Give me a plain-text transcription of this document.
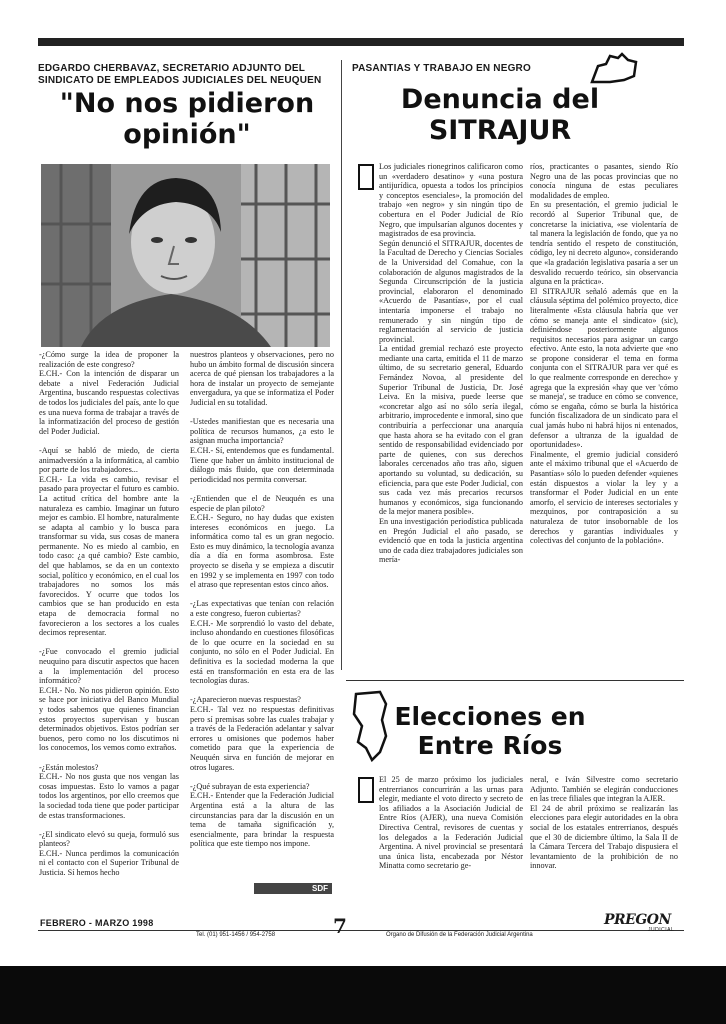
EDGARDO CHERBAVAZ, SECRETARIO ADJUNTO DEL SINDICATO DE EMPLEADOS JUDICIALES DEL NEUQUEN
"No nos pidieron opinión"
-¿Cómo surge la idea de proponer la realización de este congreso?
E.CH.- Con la intención de disparar un debate a nivel Federación Judicial Argentina, buscando respuestas colectivas de todos los judiciales del país, ante lo que es una nueva forma de trabajar a través de la informatización del proceso de gestión del Poder Judicial.

-Aquí se habló de miedo, de cierta animadversión a la informática, al cambio por parte de los trabajadores...
E.CH.- La vida es cambio, revisar el pasado para proyectar el futuro es cambio. La actitud crítica del hombre ante la naturaleza es cambio. Imaginar un futuro mejor es cambio. El hombre, naturalmente se adapta al cambio y lo busca para transformar su vida, sus cosas de manera permanente. No es miedo al cambio, en todo caso: ¿a qué cambio? Este cambio, del que hablamos, se da en un contexto social, político y económico, en el cual los trabajadores no somos los más favorecidos. Y ocurre que todos los cambios que se han producido en esta etapa de democracia formal no favorecieron a los sectores a los cuales decimos representar.

-¿Fue convocado el gremio judicial neuquino para discutir aspectos que hacen a la implementación del proceso informático?
E.CH.- No. No nos pidieron opinión. Esto se hace por iniciativa del Banco Mundial y todos sabemos que quienes financian estos proyectos supervisan y buscan determinados objetivos. Estos podrían ser buenos, pero como no los discutimos ni los conocemos, los vemos como extraños.

-¿Están molestos?
E.CH.- No nos gusta que nos vengan las cosas impuestas. Esto lo vamos a pagar todos los argentinos, por ello creemos que la sociedad toda tiene que poder participar de estas transformaciones.

-¿El sindicato elevó su queja, formuló sus planteos?
E.CH.- Nunca perdimos la comunicación ni el contacto con el Superior Tribunal de Justicia. Sí hemos hecho
nuestros planteos y observaciones, pero no hubo un ámbito formal de discusión sincera acerca de qué piensan los trabajadores a la hora de instalar un proyecto de semejante envergadura, ya que se informatiza el Poder Judicial en su totalidad.

-Ustedes manifiestan que es necesaria una política de recursos humanos, ¿a esto le asignan mucha importancia?
E.CH.- Sí, entendemos que es fundamental. Tiene que haber un ámbito institucional de diálogo más fluido, que con determinada periodicidad nos permita conversar.

-¿Entienden que el de Neuquén es una especie de plan piloto?
E.CH.- Seguro, no hay dudas que existen intereses económicos en juego. La informática como tal es un gran negocio. Esto es muy dinámico, la tecnología avanza día a día en forma asombrosa. Este proyecto se diseña y se empieza a discutir en 1992 y se implementa en 1997 con todo el atraso que representan estos cinco años.

-¿Las expectativas que tenían con relación a este congreso, fueron cubiertas?
E.CH.- Me sorprendió lo vasto del debate, incluso ahondando en cuestiones filosóficas de lo que ocurre en la sociedad en su conjunto, no sólo en el Poder Judicial. En definitiva es la sociedad moderna la que está en transformación en esta era de las tecnologías duras.

-¿Aparecieron nuevas respuestas?
E.CH.- Tal vez no respuestas definitivas pero sí premisas sobre las cuales trabajar y a través de la Federación adelantar y salvar errores u omisiones que podemos haber cometido para que la experiencia de Neuquén sirva en función de mejorar en otros lugares.

-¿Qué subrayan de esta experiencia?
E.CH.- Entender que la Federación Judicial Argentina está a la altura de las circunstancias para dar la discusión en un tema de tamaña significación y, esencialmente, para brindar la respuesta política que este tiempo nos impone.
SDF
PASANTIAS Y TRABAJO EN NEGRO
Denuncia del SITRAJUR
Los judiciales rionegrinos calificaron como un «verdadero desatino» y «una postura antijurídica, opuesta a todos los principios y conceptos esenciales», la promoción del trabajo «en negro» y sin ningún tipo de cobertura en el Poder Judicial de Río Negro, que impulsarían algunos docentes y magistrados de esa provincia.
Según denunció el SITRAJUR, docentes de la Facultad de Derecho y Ciencias Sociales de la Universidad del Comahue, con la colaboración de algunos magistrados de la Segunda Circunscripción de la justicia provincial, elaboraron el denominado «Acuerdo de Pasantías», por el cual intentaría imponerse el trabajo no remunerado y sin ningún tipo de reglamentación al servicio de justicia provincial.
La entidad gremial rechazó este proyecto mediante una carta, emitida el 11 de marzo último, de su secretario general, Eduardo Fernández Novoa, al presidente del Superior Tribunal de Justicia, Dr. José Leiva. En la misiva, puede leerse que «concretar algo así no sólo sería ilegal, arbitrario, improcedente e inmoral, sino que contribuiría a perfeccionar una anarquía que hasta ahora se ha evitado con el gran sentido de responsabilidad evidenciado por parte de quienes, con sus derechos laborales cercenados año tras año, siguen aportando su voluntad, su dedicación, su eficiencia, para que este Poder Judicial, con sus cada vez más precarios recursos humanos y económicos, siga funcionando de la mejor manera posible».
En una investigación periodística publicada en Pregón Judicial el año pasado, se evidenció que en toda la justicia argentina uno de cada diez trabajadores judiciales son mería-
ríos, practicantes o pasantes, siendo Río Negro una de las pocas provincias que no conocía ninguna de estas peculiares modalidades de empleo.
En su presentación, el gremio judicial le recordó al Superior Tribunal que, de concretarse la iniciativa, «se violentaría de tal manera la legislación de fondo, que ya no tendría sentido el respeto de constitución, código, ley ni decreto alguno», considerando que «la gradación legislativa pasaría a ser un desvalido recuerdo teórico, sin observancia alguna en la práctica».
El SITRAJUR señaló además que en la cláusula séptima del polémico proyecto, dice literalmente «Esta cláusula habría que ver cómo se maneja ante el sindicato» (sic), definiéndose posteriormente algunos requisitos necesarios para asignar un cargo efectivo. Ante esto, la nota advierte que «no se propone considerar el tema en forma conjunta con el SITRAJUR para ver qué es lo que realmente corresponde en derecho» y agrega que la expresión «hay que ver 'cómo se maneja', se traduce en cómo se convence, cómo se engaña, cómo se burla la histórica función fiscalizadora de un sindicato para el cual jamás hubo ni habrá hijos ni entenados, defensor a ultranza de la igualdad de oportunidades».
Finalmente, el gremio judicial consideró ante el máximo tribunal que el «Acuerdo de Pasantías» sólo lo pueden defender «quienes están dispuestos a violar la ley y a transformar el Poder Judicial en un ente amorfo, el servicio de intereses sectoriales y mezquinos, por contraposición a su naturaleza de tutor insobornable de los derechos y garantías individuales y colectivas del conjunto de la población».
Elecciones en Entre Ríos
El 25 de marzo próximo los judiciales entrerrianos concurrirán a las urnas para elegir, mediante el voto directo y secreto de los afiliados a la Asociación Judicial de Entre Ríos (AJER), una nueva Comisión Directiva Central, revisores de cuentas y los delegados a la Federación Judicial Argentina. A nivel provincial se presentará una única lista, encabezada por Néstor Minatta como secretario ge-
neral, e Iván Silvestre como secretario Adjunto. También se elegirán conducciones en las trece filiales que integran la AJER.
El 24 de abril próximo se realizarán las elecciones para elegir autoridades en la obra social de los estatales entrerrianos, después que el 30 de diciembre último, la Sala II de la Cámara Tercera del Trabajo dispusiera el levantamiento de la prohibición de no innovar.
FEBRERO - MARZO 1998
Tel. (01) 951-1456 / 954-2758	7	Organo de Difusión de la Federación Judicial Argentina
PREGON
JUDICIAL
